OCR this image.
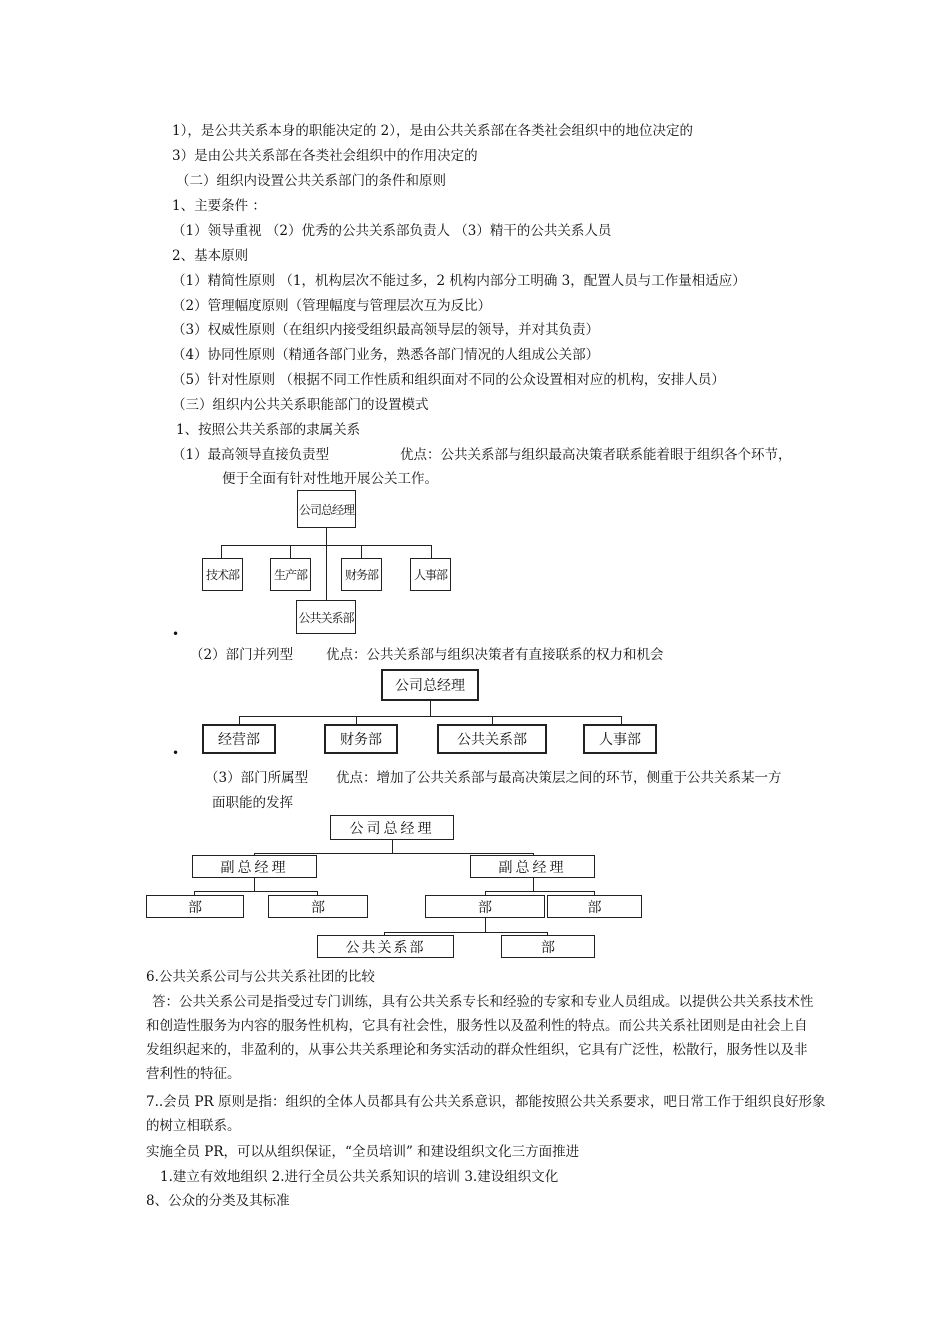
1），是公共关系本身的职能决定的 2），是由公共关系部在各类社会组织中的地位决定的
3）是由公共关系部在各类社会组织中的作用决定的
（二）组织内设置公共关系部门的条件和原则
1、主要条件 ：
（1）领导重视 （2）优秀的公共关系部负责人 （3）精干的公共关系人员
2、基本原则
（1）精简性原则 （1，机构层次不能过多，2 机构内部分工明确 3，配置人员与工作量相适应）
（2）管理幅度原则（管理幅度与管理层次互为反比）
（3）权威性原则（在组织内接受组织最高领导层的领导，并对其负责）
（4）协同性原则（精通各部门业务，熟悉各部门情况的人组成公关部）
（5）针对性原则 （根据不同工作性质和组织面对不同的公众设置相对应的机构，安排人员）
（三）组织内公共关系职能部门的设置模式
1、按照公共关系部的隶属关系
（1）最高领导直接负责型	优点：公共关系部与组织最高决策者联系能着眼于组织各个环节，
便于全面有针对性地开展公关工作。
公司总经理
技术部	生产部	财务部	人事部
公共关系部
•
（2）部门并列型 优点：公共关系部与组织决策者有直接联系的权力和机会
公司总经理
经营部	财务部	公共关系部	人事部
•
（3）部门所属型 优点：增加了公共关系部与最高决策层之间的环节，侧重于公共关系某一方
面职能的发挥
公司总经理
副总经理	副总经理
部	部	部	部
公共关系部	部
6.公共关系公司与公共关系社团的比较
答：公共关系公司是指受过专门训练，具有公共关系专长和经验的专家和专业人员组成。以提供公共关系技术性和创造性服务为内容的服务性机构，它具有社会性，服务性以及盈利性的特点。而公共关系社团则是由社会上自发组织起来的，非盈利的，从事公共关系理论和务实活动的群众性组织，它具有广泛性，松散行，服务性以及非营利性的特征。
7..会员 PR 原则是指：组织的全体人员都具有公共关系意识，都能按照公共关系要求，吧日常工作于组织良好形象的树立相联系。
实施全员 PR，可以从组织保证，“全员培训” 和建设组织文化三方面推进
1.建立有效地组织 2.进行全员公共关系知识的培训 3.建设组织文化
8、公众的分类及其标准
